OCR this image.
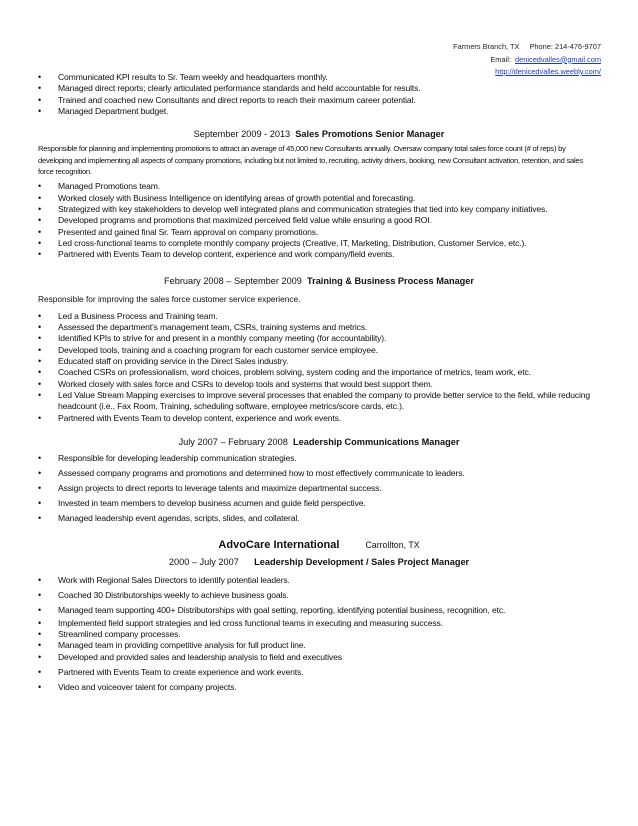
Farmers Branch, TX Phone: 214-476-9707
Email: denicedvalles@gmail.com
http://denicedvalles.weebly.com/
• Communicated KPI results to Sr. Team weekly and headquarters monthly.
• Managed direct reports; clearly articulated performance standards and held accountable for results.
• Trained and coached new Consultants and direct reports to reach their maximum career potential.
• Managed Department budget.
September 2009 - 2013 Sales Promotions Senior Manager
Responsible for planning and implementing promotions to attract an average of 45,000 new Consultants annually. Oversaw company total sales force count (# of reps) by developing and implementing all aspects of company promotions, including but not limited to, recruiting, activity drivers, booking, new Consultant activation, retention, and sales force recognition.
• Managed Promotions team.
• Worked closely with Business Intelligence on identifying areas of growth potential and forecasting.
• Strategized with key stakeholders to develop well integrated plans and communication strategies that tied into key company initiatives.
• Developed programs and promotions that maximized perceived field value while ensuring a good ROI.
• Presented and gained final Sr. Team approval on company promotions.
• Led cross-functional teams to complete monthly company projects (Creative, IT, Marketing, Distribution, Customer Service, etc.).
• Partnered with Events Team to develop content, experience and work company/field events.
February 2008 – September 2009 Training & Business Process Manager
Responsible for improving the sales force customer service experience.
• Led a Business Process and Training team.
• Assessed the department’s management team, CSRs, training systems and metrics.
• Identified KPIs to strive for and present in a monthly company meeting (for accountability).
• Developed tools, training and a coaching program for each customer service employee.
• Educated staff on providing service in the Direct Sales industry.
• Coached CSRs on professionalism, word choices, problem solving, system coding and the importance of metrics, team work, etc.
• Worked closely with sales force and CSRs to develop tools and systems that would best support them.
• Led Value Stream Mapping exercises to improve several processes that enabled the company to provide better service to the field, while reducing headcount (i.e., Fax Room, Training, scheduling software, employee metrics/score cards, etc.).
• Partnered with Events Team to develop content, experience and work events.
July 2007 – February 2008 Leadership Communications Manager
• Responsible for developing leadership communication strategies.
• Assessed company programs and promotions and determined how to most effectively communicate to leaders.
• Assign projects to direct reports to leverage talents and maximize departmental success.
• Invested in team members to develop business acumen and guide field perspective.
• Managed leadership event agendas, scripts, slides, and collateral.
AdvoCare International	Carrollton, TX
2000 – July 2007 Leadership Development / Sales Project Manager
• Work with Regional Sales Directors to identify potential leaders.
• Coached 30 Distributorships weekly to achieve business goals.
• Managed team supporting 400+ Distributorships with goal setting, reporting, identifying potential business, recognition, etc.
• Implemented field support strategies and led cross functional teams in executing and measuring success.
• Streamlined company processes.
• Managed team in providing competitive analysis for full product line.
• Developed and provided sales and leadership analysis to field and executives
• Partnered with Events Team to create experience and work events.
• Video and voiceover talent for company projects.
